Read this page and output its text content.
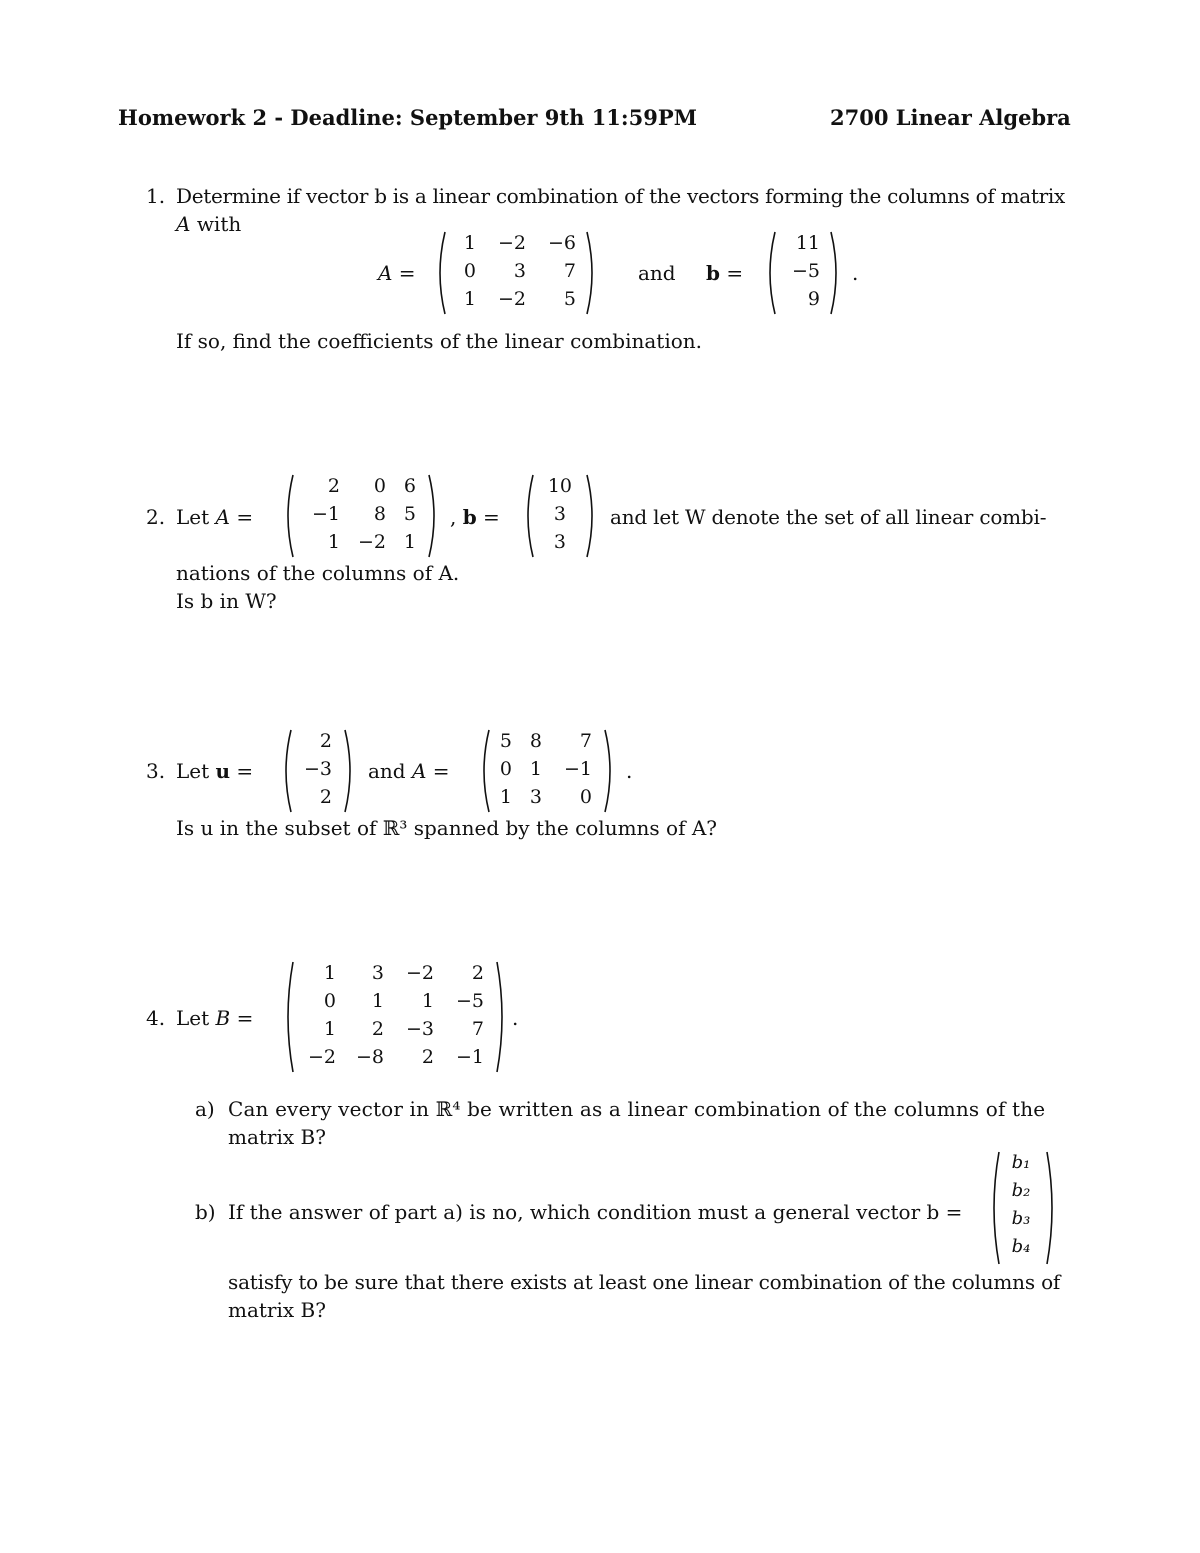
Homework 2 - Deadline: September 9th 11:59PM	2700 Linear Algebra
1. Determine if vector b is a linear combination of the vectors forming the columns of matrix
A with
A =
1	−2	−6
0	3	7
1	−2	5
and b =
11
−5
9
.
If so, find the coefficients of the linear combination.
2. Let A =
2	0 6
−1	8 5
1 −2 1
, b =
10
3
3
and let W denote the set of all linear combi-
nations of the columns of A.
Is b in W?
3. Let u =
2
−3
2
and A =
5 8	7
0 1	−1
1 3	0
.
Is u in the subset of ℝ³ spanned by the columns of A?
4. Let B =
1	3	−2	2
0	1	1	−5
1	2	−3	7
−2	−8	2	−1
.
a) Can every vector in ℝ⁴ be written as a linear combination of the columns of the
matrix B?
b) If the answer of part a) is no, which condition must a general vector b =
b₁
b₂
b₃
b₄
satisfy to be sure that there exists at least one linear combination of the columns of
matrix B?
